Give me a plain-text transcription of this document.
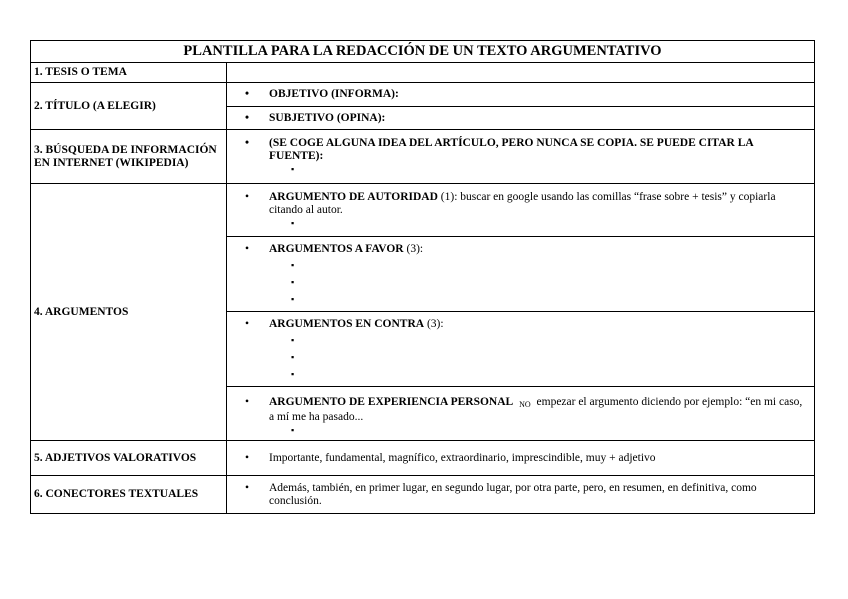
PLANTILLA PARA LA REDACCIÓN DE UN TEXTO ARGUMENTATIVO	
1. TESIS O TEMA	
2. TÍTULO (A ELEGIR)	• OBJETIVO (INFORMA):

	• SUBJETIVO (OPINA):

3. BÚSQUEDA DE INFORMACIÓN EN INTERNET (WIKIPEDIA)	• (SE COGE ALGUNA IDEA DEL ARTÍCULO, PERO NUNCA SE COPIA. SE PUEDE CITAR LA FUENTE):
▪

4. ARGUMENTOS	• ARGUMENTO DE AUTORIDAD (1): buscar en google usando las comillas “frase sobre + tesis” y copiarla citando al autor.
▪

	• ARGUMENTOS A FAVOR (3):
▪
▪
▪

	• ARGUMENTOS EN CONTRA (3):
▪
▪
▪

	• ARGUMENTO DE EXPERIENCIA PERSONAL NO empezar el argumento diciendo por ejemplo: “en mi caso, a mí me ha pasado...
▪

5. ADJETIVOS VALORATIVOS	• Importante, fundamental, magnífico, extraordinario, imprescindible, muy + adjetivo

6. CONECTORES TEXTUALES	• Además, también, en primer lugar, en segundo lugar, por otra parte, pero, en resumen, en definitiva, como conclusión.
